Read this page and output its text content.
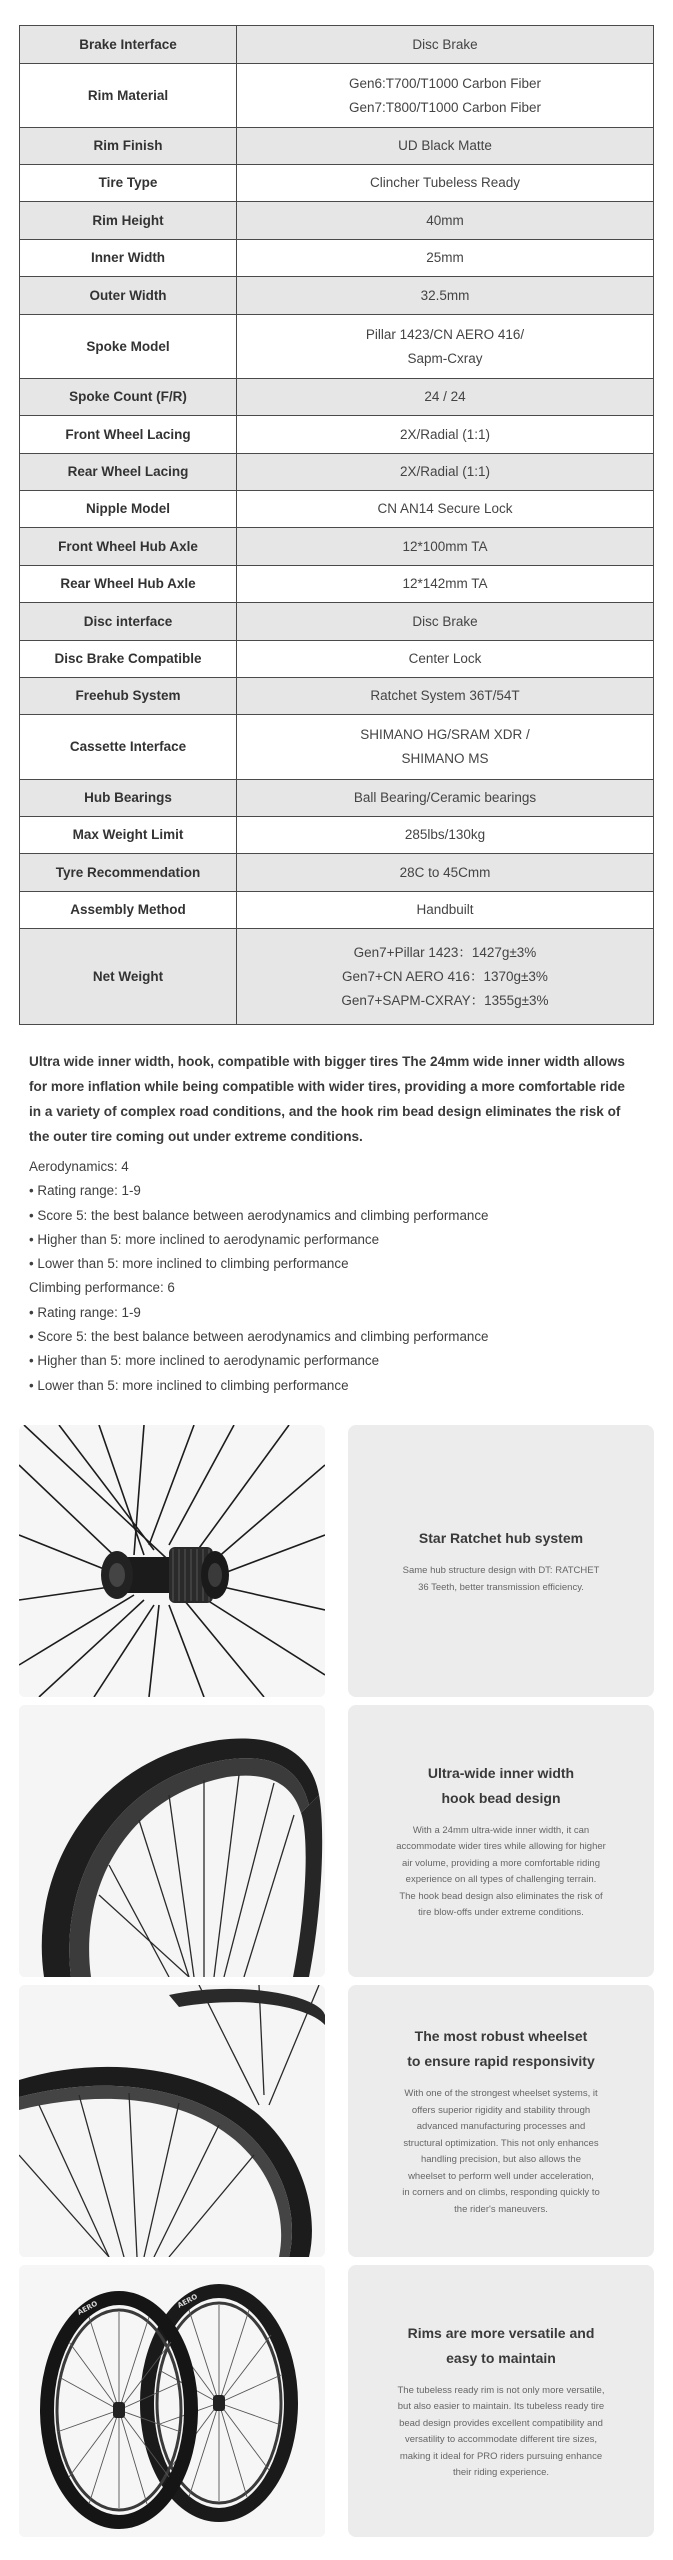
Brake Interface	Disc Brake

Rim Material	Gen6:T700/T1000 Carbon Fiber
Gen7:T800/T1000 Carbon Fiber

Rim Finish	UD Black Matte

Tire Type	Clincher Tubeless Ready

Rim Height	40mm

Inner Width	25mm

Outer Width	32.5mm

Spoke Model	Pillar 1423/CN AERO 416/
Sapm-Cxray

Spoke Count (F/R)	24 / 24

Front Wheel Lacing	2X/Radial (1:1)

Rear Wheel Lacing	2X/Radial (1:1)

Nipple Model	CN AN14 Secure Lock

Front Wheel Hub Axle	12*100mm TA

Rear Wheel Hub Axle	12*142mm TA

Disc interface	Disc Brake

Disc Brake Compatible	Center Lock

Freehub System	Ratchet System 36T/54T

Cassette Interface	SHIMANO HG/SRAM XDR /
SHIMANO MS

Hub Bearings	Ball Bearing/Ceramic bearings

Max Weight Limit	285lbs/130kg

Tyre Recommendation	28C to 45Cmm

Assembly Method	Handbuilt

Net Weight	Gen7+Pillar 1423：1427g±3%
Gen7+CN AERO 416：1370g±3%
Gen7+SAPM-CXRAY：1355g±3%
Ultra wide inner width, hook, compatible with bigger tires The 24mm wide inner width allows
for more inflation while being compatible with wider tires, providing a more comfortable ride
in a variety of complex road conditions, and the hook rim bead design eliminates the risk of
the outer tire coming out under extreme conditions.
Aerodynamics: 4
• Rating range: 1-9
• Score 5: the best balance between aerodynamics and climbing performance
• Higher than 5: more inclined to aerodynamic performance
• Lower than 5: more inclined to climbing performance
Climbing performance: 6
• Rating range: 1-9
• Score 5: the best balance between aerodynamics and climbing performance
• Higher than 5: more inclined to aerodynamic performance
• Lower than 5: more inclined to climbing performance
Star Ratchet hub system
Same hub structure design with DT: RATCHET
36 Teeth, better transmission efficiency.
Ultra-wide inner width
hook bead design
With a 24mm ultra-wide inner width, it can
accommodate wider tires while allowing for higher
air volume, providing a more comfortable riding
experience on all types of challenging terrain.
The hook bead design also eliminates the risk of
tire blow-offs under extreme conditions.
The most robust wheelset
to ensure rapid responsivity
With one of the strongest wheelset systems, it
offers superior rigidity and stability through
advanced manufacturing processes and
structural optimization. This not only enhances
handling precision, but also allows the
wheelset to perform well under acceleration,
in corners and on climbs, responding quickly to
the rider's maneuvers.
AERO	AERO
Rims are more versatile and
easy to maintain
The tubeless ready rim is not only more versatile,
but also easier to maintain. Its tubeless ready tire
bead design provides excellent compatibility and
versatility to accommodate different tire sizes,
making it ideal for PRO riders pursuing enhance
their riding experience.
